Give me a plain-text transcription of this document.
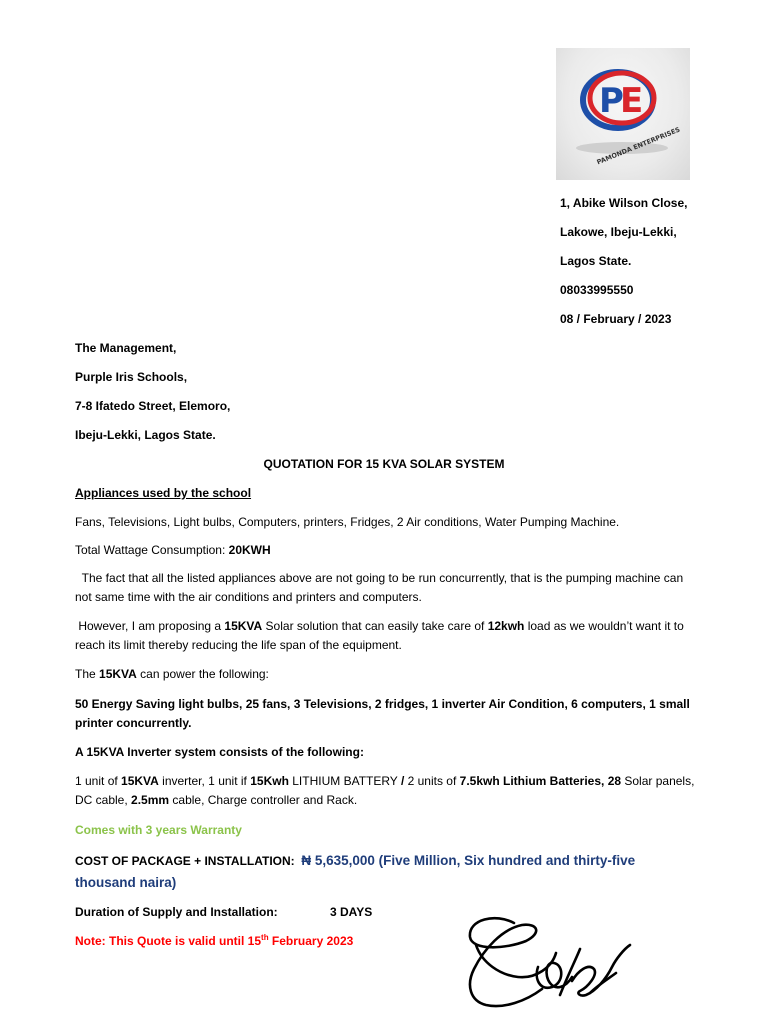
P
E
PAMONDA ENTERPRISES
1, Abike Wilson Close,
Lakowe, Ibeju-Lekki,
Lagos State.
08033995550
08 / February / 2023
The Management,
Purple Iris Schools,
7-8 Ifatedo Street, Elemoro,
Ibeju-Lekki, Lagos State.
QUOTATION FOR 15 KVA SOLAR SYSTEM
Appliances used by the school
Fans, Televisions, Light bulbs, Computers, printers, Fridges, 2 Air conditions, Water Pumping Machine.
Total Wattage Consumption: 20KWH
The fact that all the listed appliances above are not going to be run concurrently, that is the pumping machine can not same time with the air conditions and printers and computers.
However, I am proposing a 15KVA Solar solution that can easily take care of 12kwh load as we wouldn’t want it to reach its limit thereby reducing the life span of the equipment.
The 15KVA can power the following:
50 Energy Saving light bulbs, 25 fans, 3 Televisions, 2 fridges, 1 inverter Air Condition, 6 computers, 1 small printer concurrently.
A 15KVA Inverter system consists of the following:
1 unit of 15KVA inverter, 1 unit if 15Kwh LITHIUM BATTERY / 2 units of 7.5kwh Lithium Batteries, 28 Solar panels, DC cable, 2.5mm cable, Charge controller and Rack.
Comes with 3 years Warranty
COST OF PACKAGE + INSTALLATION: ₦ 5,635,000 (Five Million, Six hundred and thirty-five thousand naira)
Duration of Supply and Installation:	3 DAYS
Note: This Quote is valid until 15th February 2023
